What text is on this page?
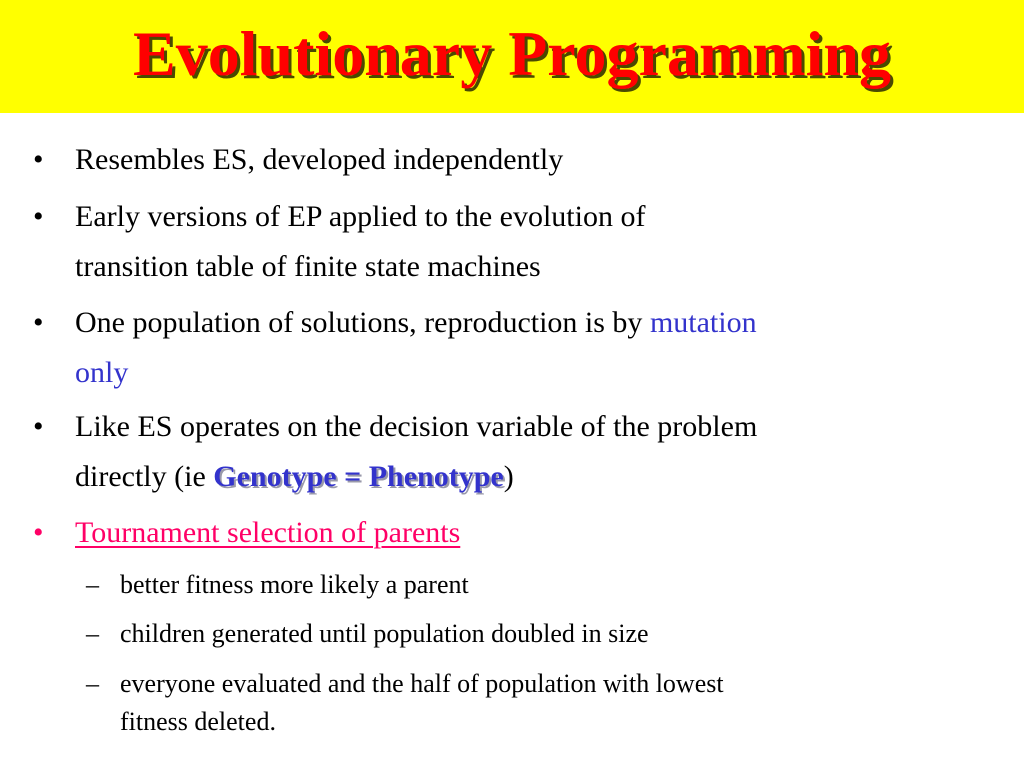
Evolutionary Programming
• Resembles ES, developed independently
• Early versions of EP applied to the evolution of
transition table of finite state machines
• One population of solutions, reproduction is by mutation
only
• Like ES operates on the decision variable of the problem
directly (ie Genotype = Phenotype)
• Tournament selection of parents
– better fitness more likely a parent
– children generated until population doubled in size
– everyone evaluated and the half of population with lowest
fitness deleted.
